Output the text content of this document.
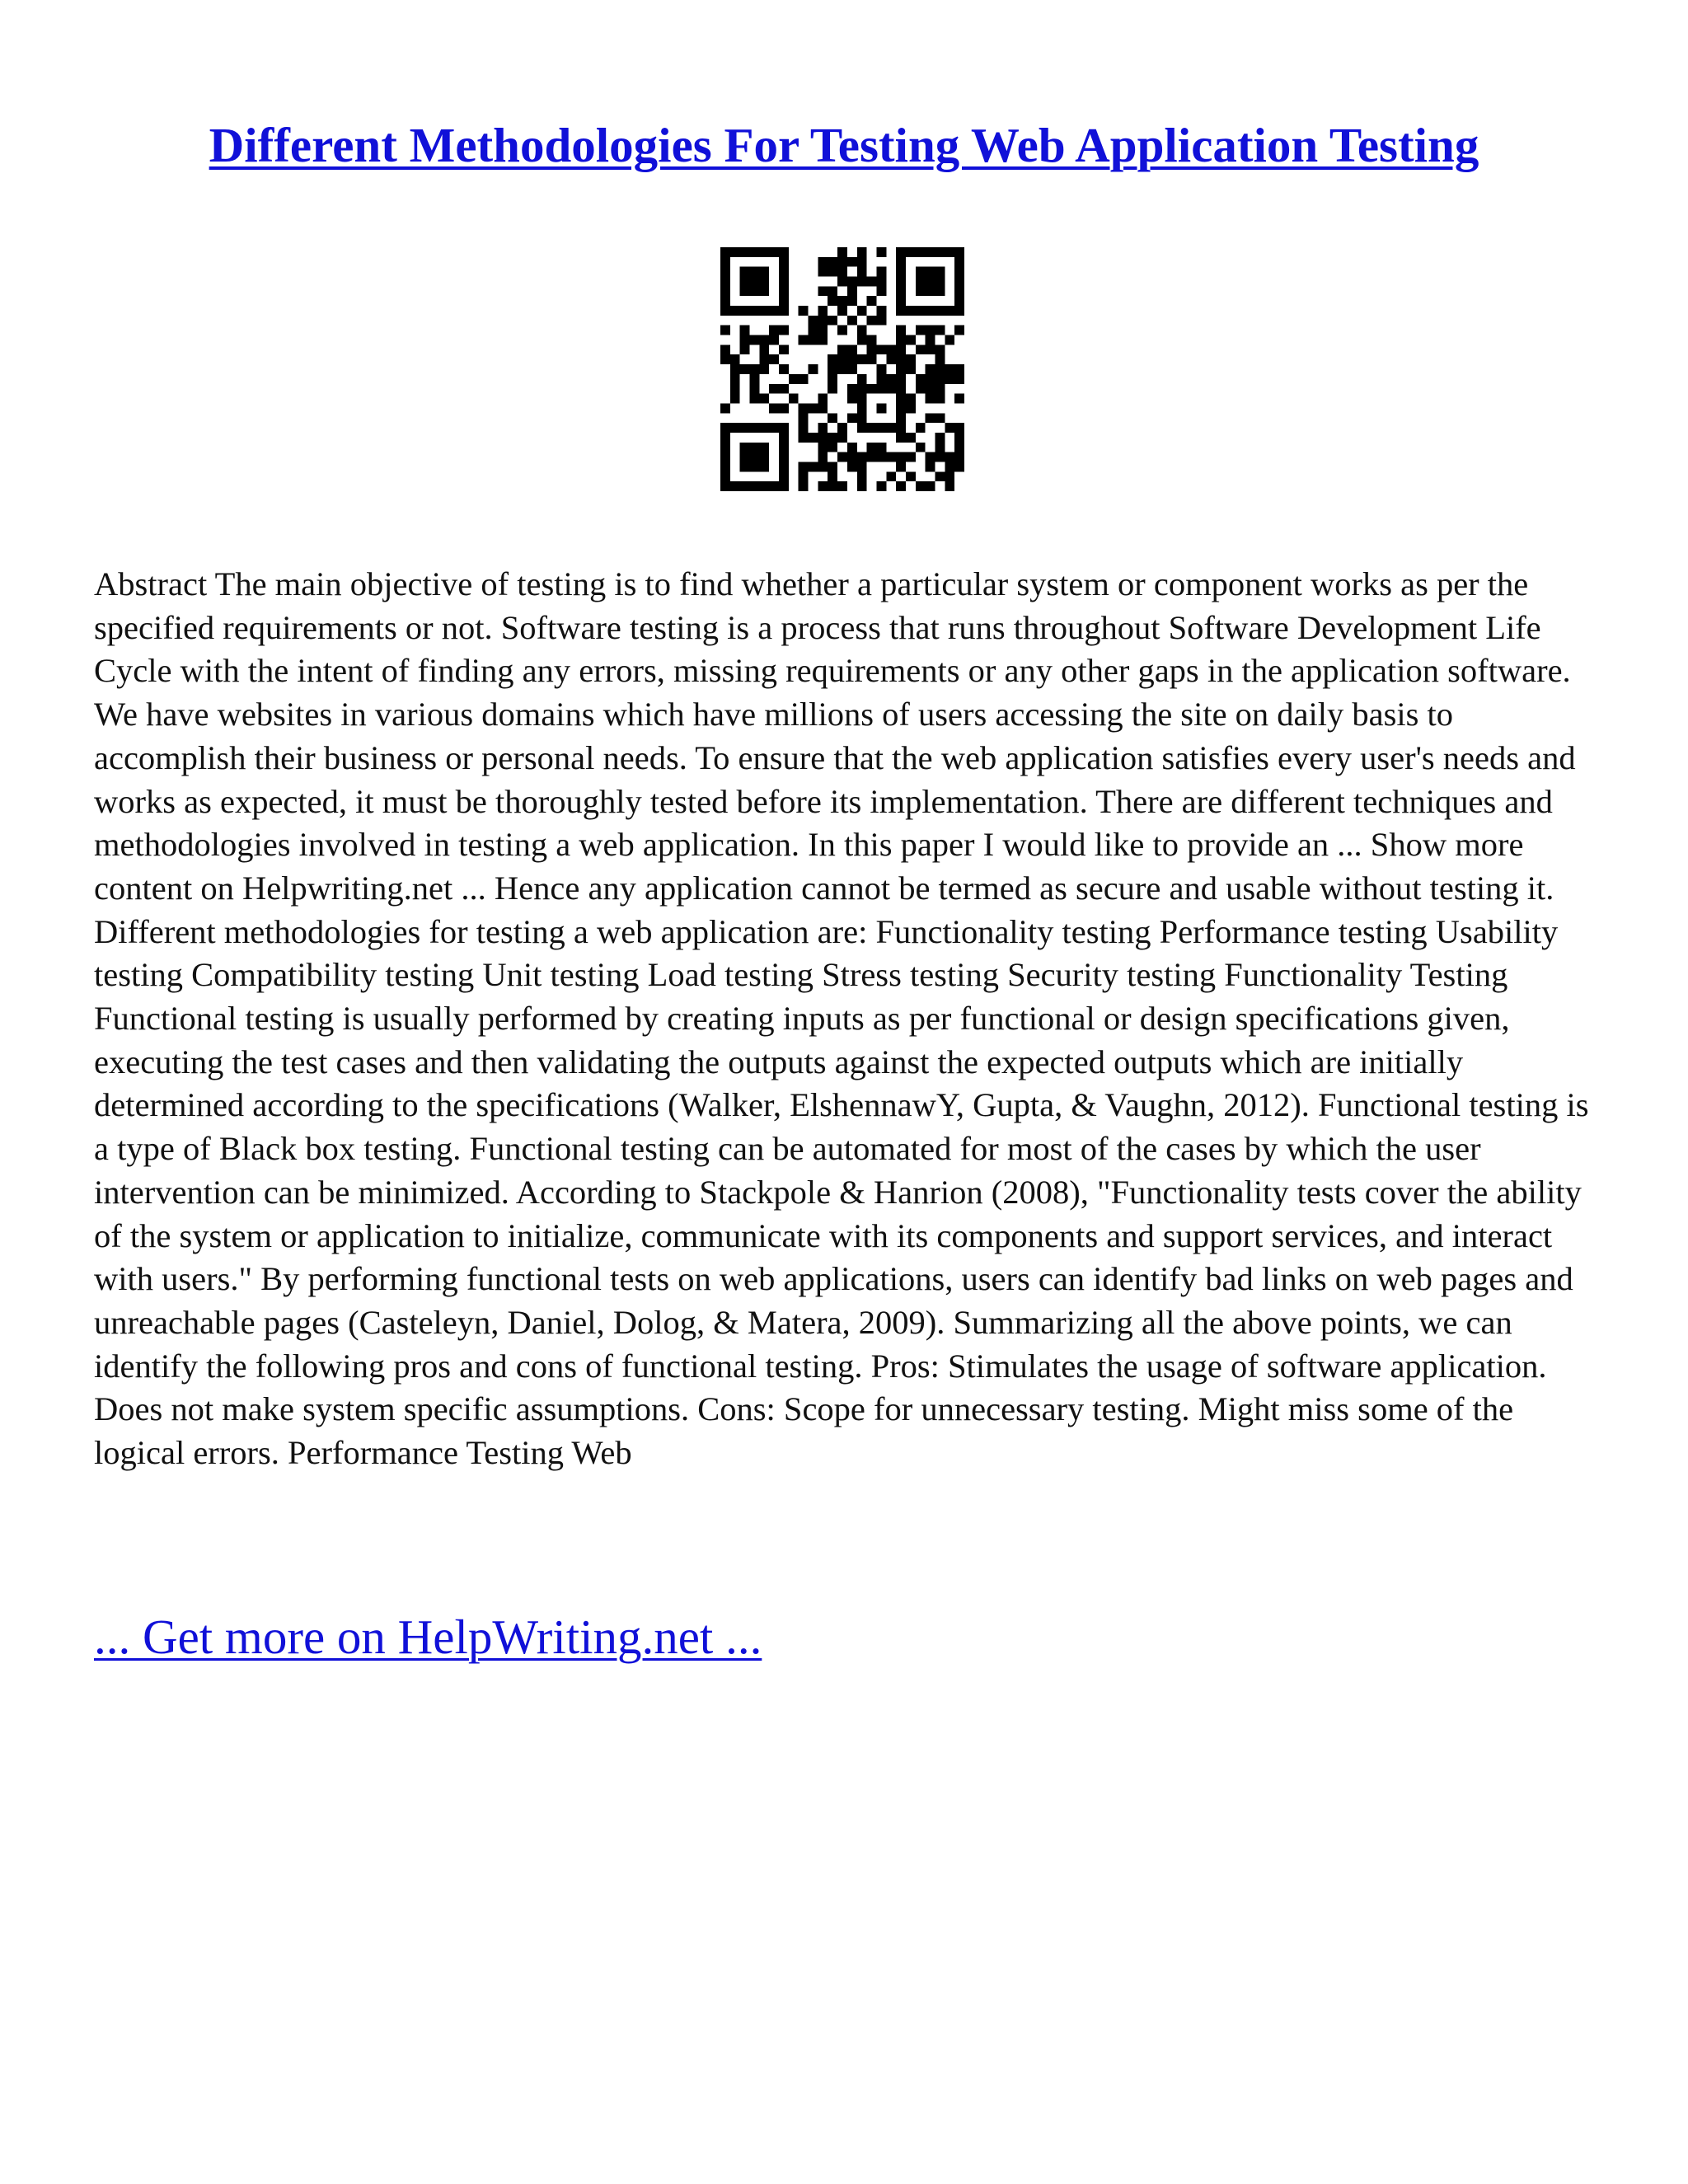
Different Methodologies For Testing Web Application Testing

Abstract The main objective of testing is to find whether a particular system or component works as per the specified requirements or not. Software testing is a process that runs throughout Software Development Life Cycle with the intent of finding any errors, missing requirements or any other gaps in the application software. We have websites in various domains which have millions of users accessing the site on daily basis to accomplish their business or personal needs. To ensure that the web application satisfies every user's needs and works as expected, it must be thoroughly tested before its implementation. There are different techniques and methodologies involved in testing a web application. In this paper I would like to provide an ... Show more content on Helpwriting.net ... Hence any application cannot be termed as secure and usable without testing it. Different methodologies for testing a web application are: Functionality testing Performance testing Usability testing Compatibility testing Unit testing Load testing Stress testing Security testing Functionality Testing Functional testing is usually performed by creating inputs as per functional or design specifications given, executing the test cases and then validating the outputs against the expected outputs which are initially determined according to the specifications (Walker, ElshennawY, Gupta, & Vaughn, 2012). Functional testing is a type of Black box testing. Functional testing can be automated for most of the cases by which the user intervention can be minimized. According to Stackpole & Hanrion (2008), "Functionality tests cover the ability of the system or application to initialize, communicate with its components and support services, and interact with users." By performing functional tests on web applications, users can identify bad links on web pages and unreachable pages (Casteleyn, Daniel, Dolog, & Matera, 2009). Summarizing all the above points, we can identify the following pros and cons of functional testing. Pros: Stimulates the usage of software application. Does not make system specific assumptions. Cons: Scope for unnecessary testing. Might miss some of the logical errors. Performance Testing Web

... Get more on HelpWriting.net ...
